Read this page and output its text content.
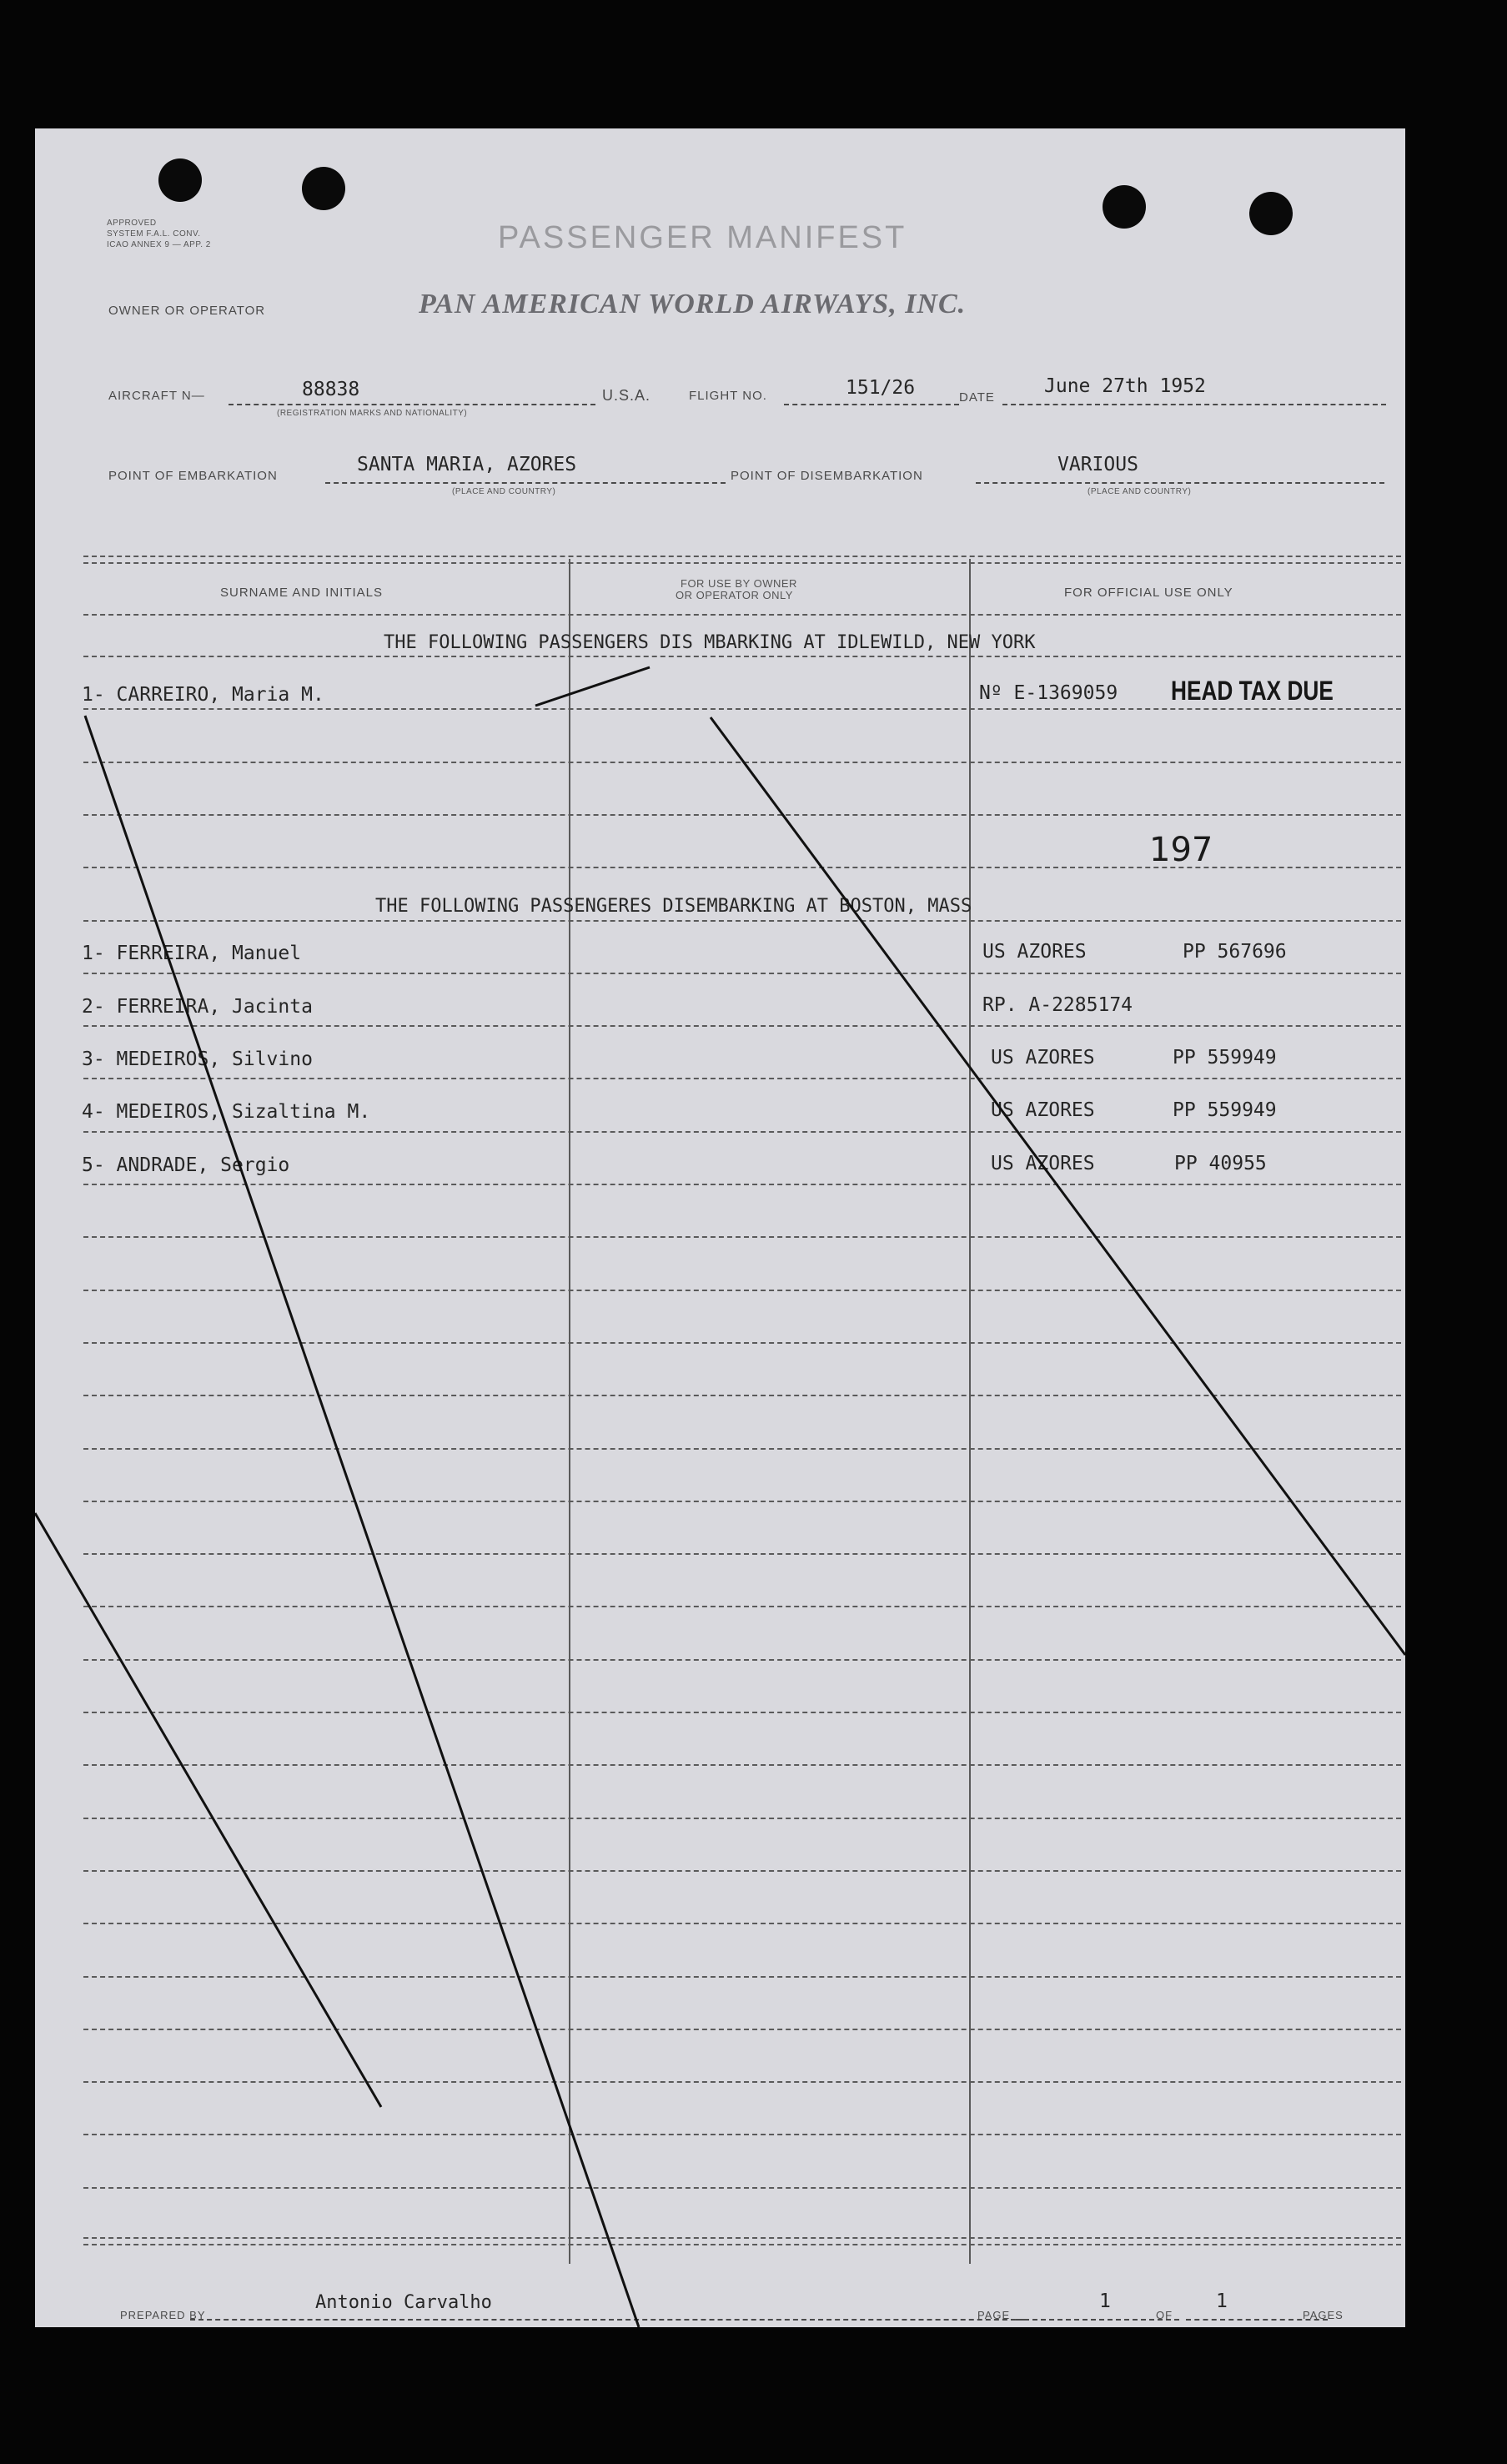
APPROVED
SYSTEM F.A.L. CONV.
ICAO ANNEX 9 — APP. 2	PASSENGER MANIFEST
OWNER OR OPERATOR	PAN AMERICAN WORLD AIRWAYS, INC.
AIRCRAFT N—	88838
(REGISTRATION MARKS AND NATIONALITY)
U.S.A.	FLIGHT NO.	151/26	DATE
June 27th 1952
POINT OF EMBARKATION
SANTA MARIA, AZORES
(PLACE AND COUNTRY)
POINT OF DISEMBARKATION
VARIOUS
(PLACE AND COUNTRY)
SURNAME AND INITIALS
FOR USE BY OWNER
OR OPERATOR ONLY	FOR OFFICIAL USE ONLY
THE FOLLOWING PASSENGERS DIS MBARKING AT IDLEWILD, NEW YORK
1- CARREIRO, Maria M.	Nº E-1369059 HEAD TAX DUE
197
THE FOLLOWING PASSENGERES DISEMBARKING AT BOSTON, MASS
1- FERREIRA, Manuel	US AZORES	PP 567696
2- FERREIRA, Jacinta	RP. A-2285174
3- MEDEIROS, Silvino	US AZORES	PP 559949
4- MEDEIROS, Sizaltina M.	US AZORES	PP 559949
5- ANDRADE, Sergio	US AZORES	PP 40955
PREPARED BY
Antonio Carvalho
PAGE
1
OF
1
PAGES
